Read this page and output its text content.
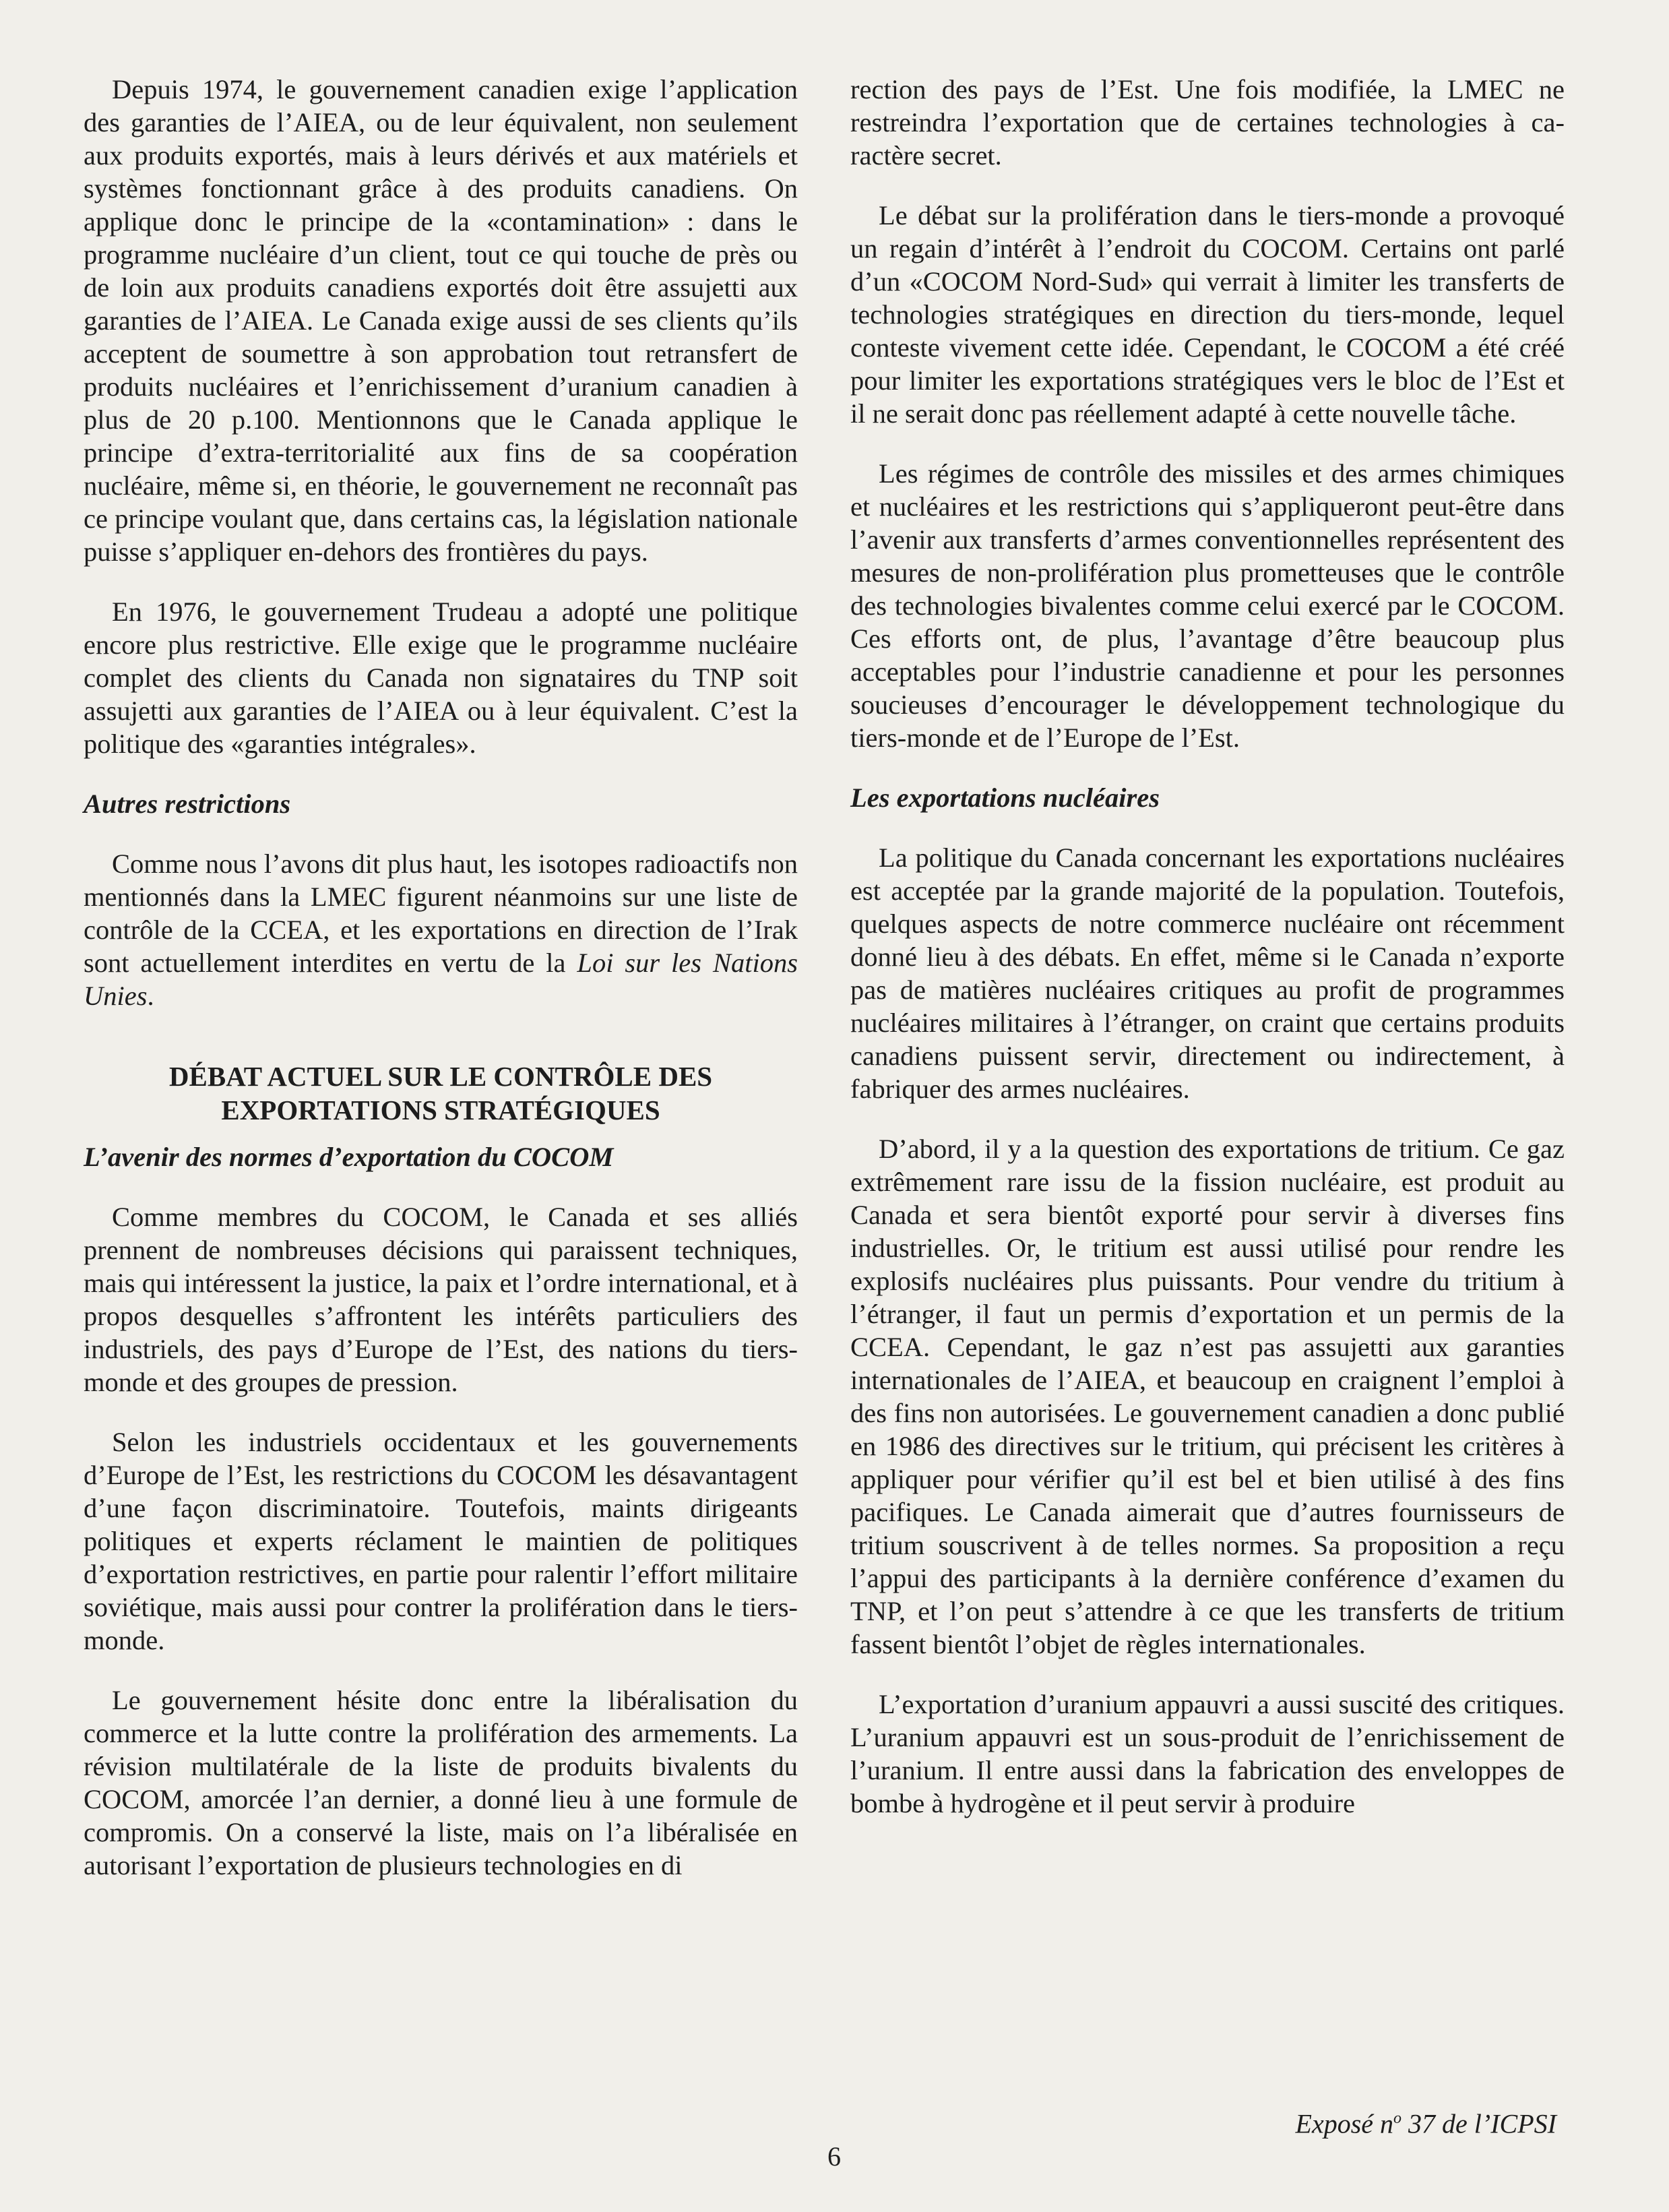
Depuis 1974, le gouvernement canadien exige l’application des garanties de l’AIEA, ou de leur équivalent, non seulement aux produits exportés, mais à leurs dérivés et aux matériels et systèmes fonctionnant grâce à des produits canadiens. On applique donc le principe de la «contamination» : dans le programme nucléaire d’un client, tout ce qui touche de près ou de loin aux produits canadiens exportés doit être assujetti aux garanties de l’AIEA. Le Canada exige aussi de ses clients qu’ils acceptent de soumettre à son approbation tout retransfert de produits nucléaires et l’enrichissement d’uranium canadien à plus de 20 p.100. Mentionnons que le Canada applique le principe d’extra-territorialité aux fins de sa coopération nucléaire, même si, en théorie, le gouvernement ne reconnaît pas ce principe voulant que, dans certains cas, la législation nationale puisse s’appliquer en-dehors des frontières du pays.

En 1976, le gouvernement Trudeau a adopté une politique encore plus restrictive. Elle exige que le programme nucléaire complet des clients du Canada non signataires du TNP soit assujetti aux garanties de l’AIEA ou à leur équivalent. C’est la politique des «garanties intégrales».

Autres restrictions

Comme nous l’avons dit plus haut, les isotopes radioactifs non mentionnés dans la LMEC figurent néanmoins sur une liste de contrôle de la CCEA, et les exportations en direction de l’Irak sont actuellement interdites en vertu de la Loi sur les Nations Unies.

DÉBAT ACTUEL SUR LE CONTRÔLE DES
EXPORTATIONS STRATÉGIQUES
L’avenir des normes d’exportation du COCOM

Comme membres du COCOM, le Canada et ses alliés prennent de nombreuses décisions qui paraissent techniques, mais qui intéressent la justice, la paix et l’ordre international, et à propos desquelles s’affrontent les intérêts particuliers des industriels, des pays d’Europe de l’Est, des nations du tiers-monde et des groupes de pression.

Selon les industriels occidentaux et les gouvernements d’Europe de l’Est, les restrictions du COCOM les désavantagent d’une façon discriminatoire. Toutefois, maints dirigeants politiques et experts réclament le maintien de politiques d’exportation restrictives, en partie pour ralentir l’effort militaire soviétique, mais aussi pour contrer la prolifération dans le tiers-monde.

Le gouvernement hésite donc entre la libéralisation du commerce et la lutte contre la prolifération des armements. La révision multilatérale de la liste de produits bivalents du COCOM, amorcée l’an dernier, a donné lieu à une formule de compromis. On a conservé la liste, mais on l’a libéralisée en autorisant l’exportation de plusieurs technologies en di

rection des pays de l’Est. Une fois modifiée, la LMEC ne restreindra l’exportation que de certaines technologies à caractère secret.

Le débat sur la prolifération dans le tiers-monde a provoqué un regain d’intérêt à l’endroit du COCOM. Certains ont parlé d’un «COCOM Nord-Sud» qui verrait à limiter les transferts de technologies stratégiques en direction du tiers-monde, lequel conteste vivement cette idée. Cependant, le COCOM a été créé pour limiter les exportations stratégiques vers le bloc de l’Est et il ne serait donc pas réellement adapté à cette nouvelle tâche.

Les régimes de contrôle des missiles et des armes chimiques et nucléaires et les restrictions qui s’appliqueront peut-être dans l’avenir aux transferts d’armes conventionnelles représentent des mesures de non-prolifération plus prometteuses que le contrôle des technologies bivalentes comme celui exercé par le COCOM. Ces efforts ont, de plus, l’avantage d’être beaucoup plus acceptables pour l’industrie canadienne et pour les personnes soucieuses d’encourager le développement technologique du tiers-monde et de l’Europe de l’Est.

Les exportations nucléaires

La politique du Canada concernant les exportations nucléaires est acceptée par la grande majorité de la population. Toutefois, quelques aspects de notre commerce nucléaire ont récemment donné lieu à des débats. En effet, même si le Canada n’exporte pas de matières nucléaires critiques au profit de programmes nucléaires militaires à l’étranger, on craint que certains produits canadiens puissent servir, directement ou indirectement, à fabriquer des armes nucléaires.

D’abord, il y a la question des exportations de tritium. Ce gaz extrêmement rare issu de la fission nucléaire, est produit au Canada et sera bientôt exporté pour servir à diverses fins industrielles. Or, le tritium est aussi utilisé pour rendre les explosifs nucléaires plus puissants. Pour vendre du tritium à l’étranger, il faut un permis d’exportation et un permis de la CCEA. Cependant, le gaz n’est pas assujetti aux garanties internationales de l’AIEA, et beaucoup en craignent l’emploi à des fins non autorisées. Le gouvernement canadien a donc publié en 1986 des directives sur le tritium, qui précisent les critères à appliquer pour vérifier qu’il est bel et bien utilisé à des fins pacifiques. Le Canada aimerait que d’autres fournisseurs de tritium souscrivent à de telles normes. Sa proposition a reçu l’appui des participants à la dernière conférence d’examen du TNP, et l’on peut s’attendre à ce que les transferts de tritium fassent bientôt l’objet de règles internationales.

L’exportation d’uranium appauvri a aussi suscité des critiques. L’uranium appauvri est un sous-produit de l’enrichissement de l’uranium. Il entre aussi dans la fabrication des enveloppes de bombe à hydrogène et il peut servir à produire

Exposé $n^o$ 37 de l’ICPSI
6
